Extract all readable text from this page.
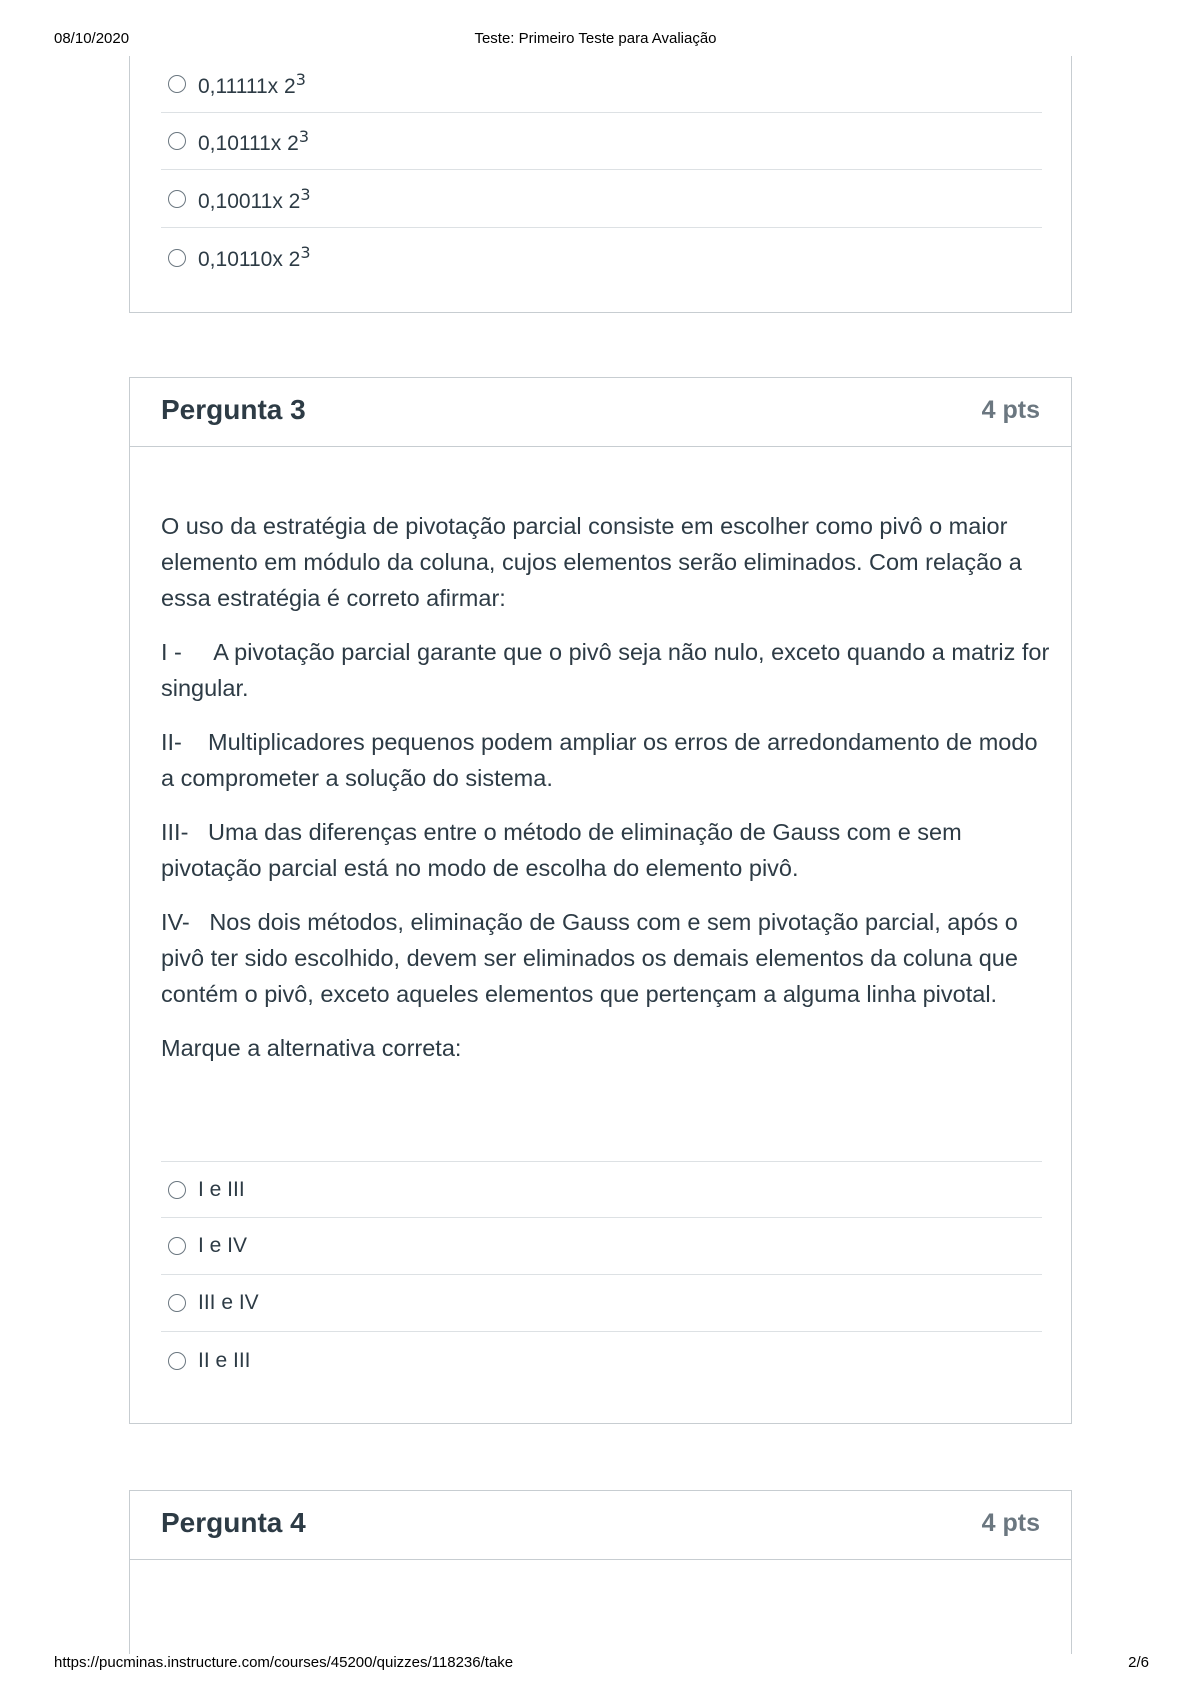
08/10/2020	Teste: Primeiro Teste para Avaliação
0,11111x $2^3$
0,10111x $2^3$
0,10011x $2^3$
0,10110x $2^3$
Pergunta 3	4 pts

O uso da estratégia de pivotação parcial consiste em escolher como pivô o maior elemento em módulo da coluna, cujos elementos serão eliminados. Com relação a essa estratégia é correto afirmar:

I -     A pivotação parcial garante que o pivô seja não nulo, exceto quando a matriz for singular.

II-    Multiplicadores pequenos podem ampliar os erros de arredondamento de modo a comprometer a solução do sistema.

III-   Uma das diferenças entre o método de eliminação de Gauss com e sem pivotação parcial está no modo de escolha do elemento pivô.

IV-   Nos dois métodos, eliminação de Gauss com e sem pivotação parcial, após o pivô ter sido escolhido, devem ser eliminados os demais elementos da coluna que contém o pivô, exceto aqueles elementos que pertençam a alguma linha pivotal.

Marque a alternativa correta:

I e III
I e IV
III e IV
II e III
Pergunta 4	4 pts
https://pucminas.instructure.com/courses/45200/quizzes/118236/take	2/6
